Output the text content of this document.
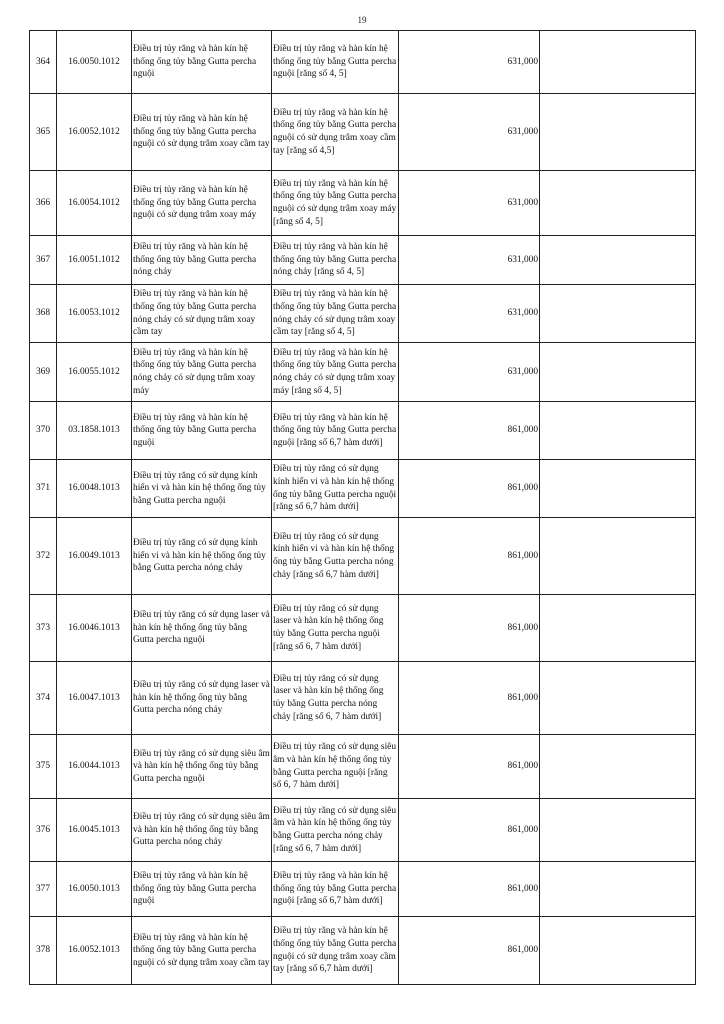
19
364	16.0050.1012	Điều trị tủy răng và hàn kín hệ thống ống tủy bằng Gutta percha nguội	Điều trị tủy răng và hàn kín hệ thống ống tủy bằng Gutta percha nguội [răng số 4, 5]	631,000	
365	16.0052.1012	Điều trị tủy răng và hàn kín hệ thống ống tủy bằng Gutta percha nguội có sử dụng trâm xoay cầm tay	Điều trị tủy răng và hàn kín hệ thống ống tủy bằng Gutta percha nguội có sử dụng trâm xoay cầm tay [răng số 4,5]	631,000	
366	16.0054.1012	Điều trị tủy răng và hàn kín hệ thống ống tủy bằng Gutta percha nguội có sử dụng trâm xoay máy	Điều trị tủy răng và hàn kín hệ thống ống tủy bằng Gutta percha nguội có sử dụng trâm xoay máy [răng số 4, 5]	631,000	
367	16.0051.1012	Điều trị tủy răng và hàn kín hệ thống ống tủy bằng Gutta percha nóng chảy	Điều trị tủy răng và hàn kín hệ thống ống tủy bằng Gutta percha nóng chảy [răng số 4, 5]	631,000	
368	16.0053.1012	Điều trị tủy răng và hàn kín hệ thống ống tủy bằng Gutta percha nóng chảy có sử dụng trâm xoay cầm tay	Điều trị tủy răng và hàn kín hệ thống ống tủy bằng Gutta percha nóng chảy có sử dụng trâm xoay cầm tay [răng số 4, 5]	631,000	
369	16.0055.1012	Điều trị tủy răng và hàn kín hệ thống ống tủy bằng Gutta percha nóng chảy có sử dụng trâm xoay máy	Điều trị tủy răng và hàn kín hệ thống ống tủy bằng Gutta percha nóng chảy có sử dụng trâm xoay máy [răng số 4, 5]	631,000	
370	03.1858.1013	Điều trị tủy răng và hàn kín hệ thống ống tủy bằng Gutta percha nguội	Điều trị tủy răng và hàn kín hệ thống ống tủy bằng Gutta percha nguội [răng số 6,7 hàm dưới]	861,000	
371	16.0048.1013	Điều trị tủy răng có sử dụng kính hiển vi và hàn kín hệ thống ống tủy bằng Gutta percha nguội	Điều trị tủy răng có sử dụng kính hiển vi và hàn kín hệ thống ống tủy bằng Gutta percha nguội [răng số 6,7 hàm dưới]	861,000	
372	16.0049.1013	Điều trị tủy răng có sử dụng kính hiển vi và hàn kín hệ thống ống tủy bằng Gutta percha nóng chảy	Điều trị tủy răng có sử dụng kính hiển vi và hàn kín hệ thống ống tủy bằng Gutta percha nóng chảy [răng số 6,7 hàm dưới]	861,000	
373	16.0046.1013	Điều trị tủy răng có sử dụng laser và hàn kín hệ thống ống tủy bằng Gutta percha nguội	Điều trị tủy răng có sử dụng laser và hàn kín hệ thống ống tủy bằng Gutta percha nguội [răng số 6, 7 hàm dưới]	861,000	
374	16.0047.1013	Điều trị tủy răng có sử dụng laser và hàn kín hệ thống ống tủy bằng Gutta percha nóng chảy	Điều trị tủy răng có sử dụng laser và hàn kín hệ thống ống tủy bằng Gutta percha nóng chảy [răng số 6, 7 hàm dưới]	861,000	
375	16.0044.1013	Điều trị tủy răng có sử dụng siêu âm và hàn kín hệ thống ống tủy bằng Gutta percha nguội	Điều trị tủy răng có sử dụng siêu âm và hàn kín hệ thống ống tủy bằng Gutta percha nguội [răng số 6, 7 hàm dưới]	861,000	
376	16.0045.1013	Điều trị tủy răng có sử dụng siêu âm và hàn kín hệ thống ống tủy bằng Gutta percha nóng chảy	Điều trị tủy răng có sử dụng siêu âm và hàn kín hệ thống ống tủy bằng Gutta percha nóng chảy [răng số 6, 7 hàm dưới]	861,000	
377	16.0050.1013	Điều trị tủy răng và hàn kín hệ thống ống tủy bằng Gutta percha nguội	Điều trị tủy răng và hàn kín hệ thống ống tủy bằng Gutta percha nguội [răng số 6,7 hàm dưới]	861,000	
378	16.0052.1013	Điều trị tủy răng và hàn kín hệ thống ống tủy bằng Gutta percha nguội có sử dụng trâm xoay cầm tay	Điều trị tủy răng và hàn kín hệ thống ống tủy bằng Gutta percha nguội có sử dụng trâm xoay cầm tay [răng số 6,7 hàm dưới]	861,000	
